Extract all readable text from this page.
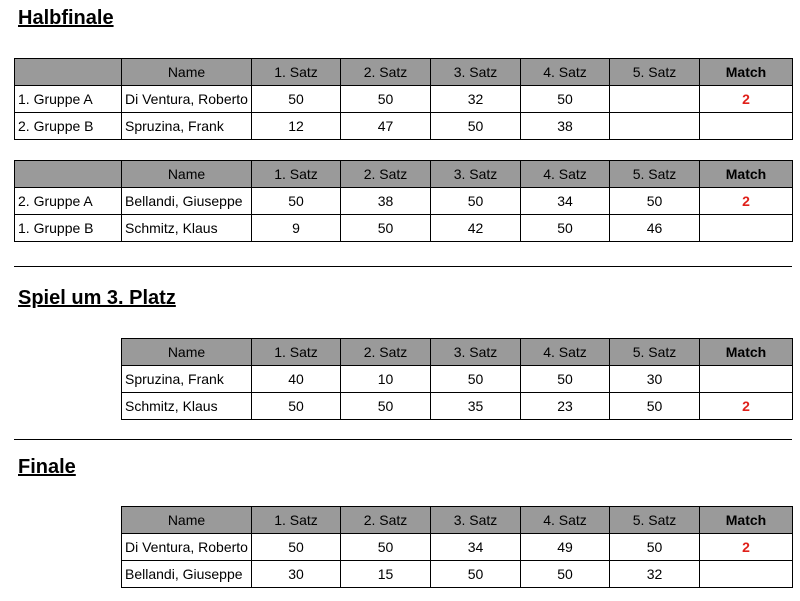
Halbfinale
	Name	1. Satz	2. Satz	3. Satz	4. Satz	5. Satz	Match
1. Gruppe A	Di Ventura, Roberto	50	50	32	50		2
2. Gruppe B	Spruzina, Frank	12	47	50	38		
	Name	1. Satz	2. Satz	3. Satz	4. Satz	5. Satz	Match
2. Gruppe A	Bellandi, Giuseppe	50	38	50	34	50	2
1. Gruppe B	Schmitz, Klaus	9	50	42	50	46	
Spiel um 3. Platz
Name	1. Satz	2. Satz	3. Satz	4. Satz	5. Satz	Match
Spruzina, Frank	40	10	50	50	30	
Schmitz, Klaus	50	50	35	23	50	2
Finale
Name	1. Satz	2. Satz	3. Satz	4. Satz	5. Satz	Match
Di Ventura, Roberto	50	50	34	49	50	2
Bellandi, Giuseppe	30	15	50	50	32	
